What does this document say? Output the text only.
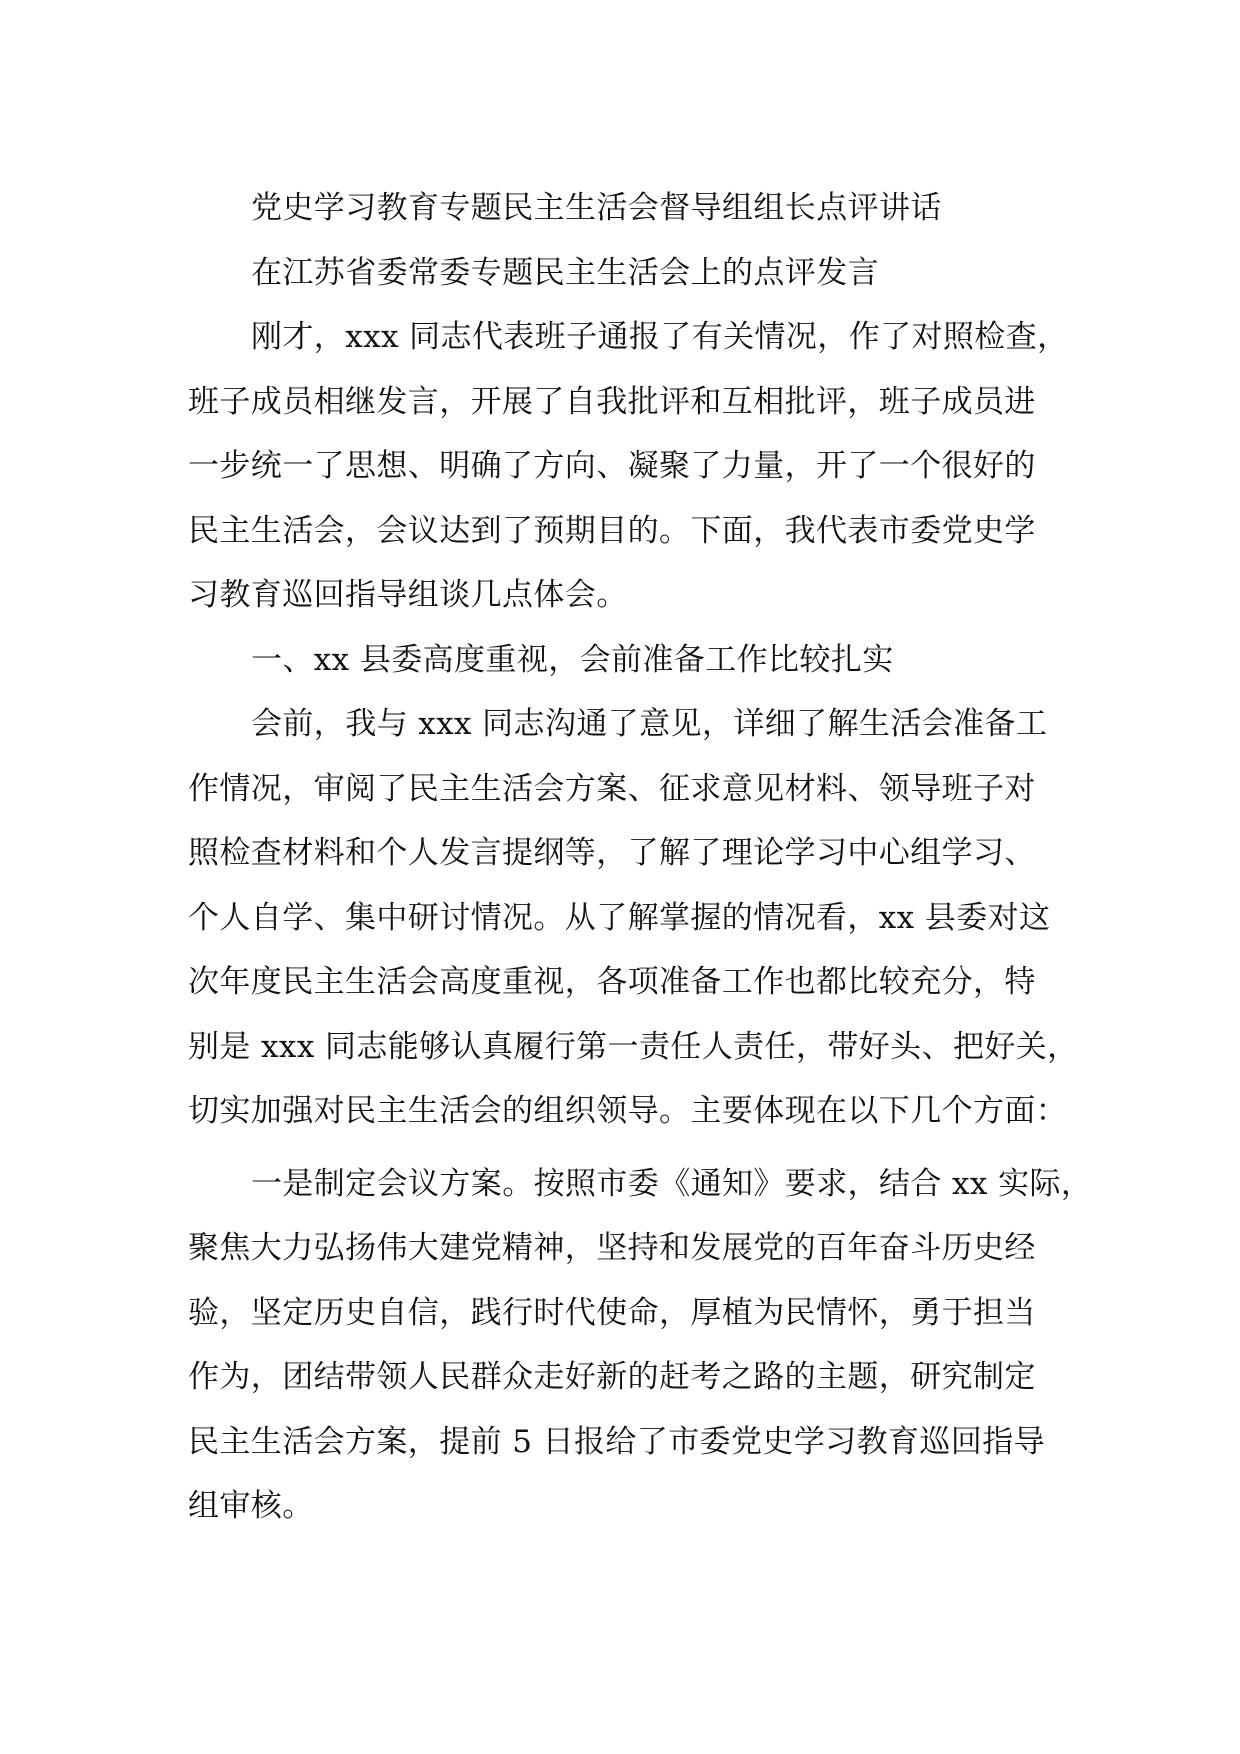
党史学习教育专题民主生活会督导组组长点评讲话
在江苏省委常委专题民主生活会上的点评发言
刚才，xxx 同志代表班子通报了有关情况，作了对照检查，
班子成员相继发言，开展了自我批评和互相批评，班子成员进
一步统一了思想、明确了方向、凝聚了力量，开了一个很好的
民主生活会，会议达到了预期目的。下面，我代表市委党史学
习教育巡回指导组谈几点体会。
一、xx 县委高度重视，会前准备工作比较扎实
会前，我与 xxx 同志沟通了意见，详细了解生活会准备工
作情况，审阅了民主生活会方案、征求意见材料、领导班子对
照检查材料和个人发言提纲等，了解了理论学习中心组学习、
个人自学、集中研讨情况。从了解掌握的情况看，xx 县委对这
次年度民主生活会高度重视，各项准备工作也都比较充分，特
别是 xxx 同志能够认真履行第一责任人责任，带好头、把好关，
切实加强对民主生活会的组织领导。主要体现在以下几个方面：
一是制定会议方案。按照市委《通知》要求，结合 xx 实际，
聚焦大力弘扬伟大建党精神，坚持和发展党的百年奋斗历史经
验，坚定历史自信，践行时代使命，厚植为民情怀，勇于担当
作为，团结带领人民群众走好新的赶考之路的主题，研究制定
民主生活会方案，提前 5 日报给了市委党史学习教育巡回指导
组审核。
